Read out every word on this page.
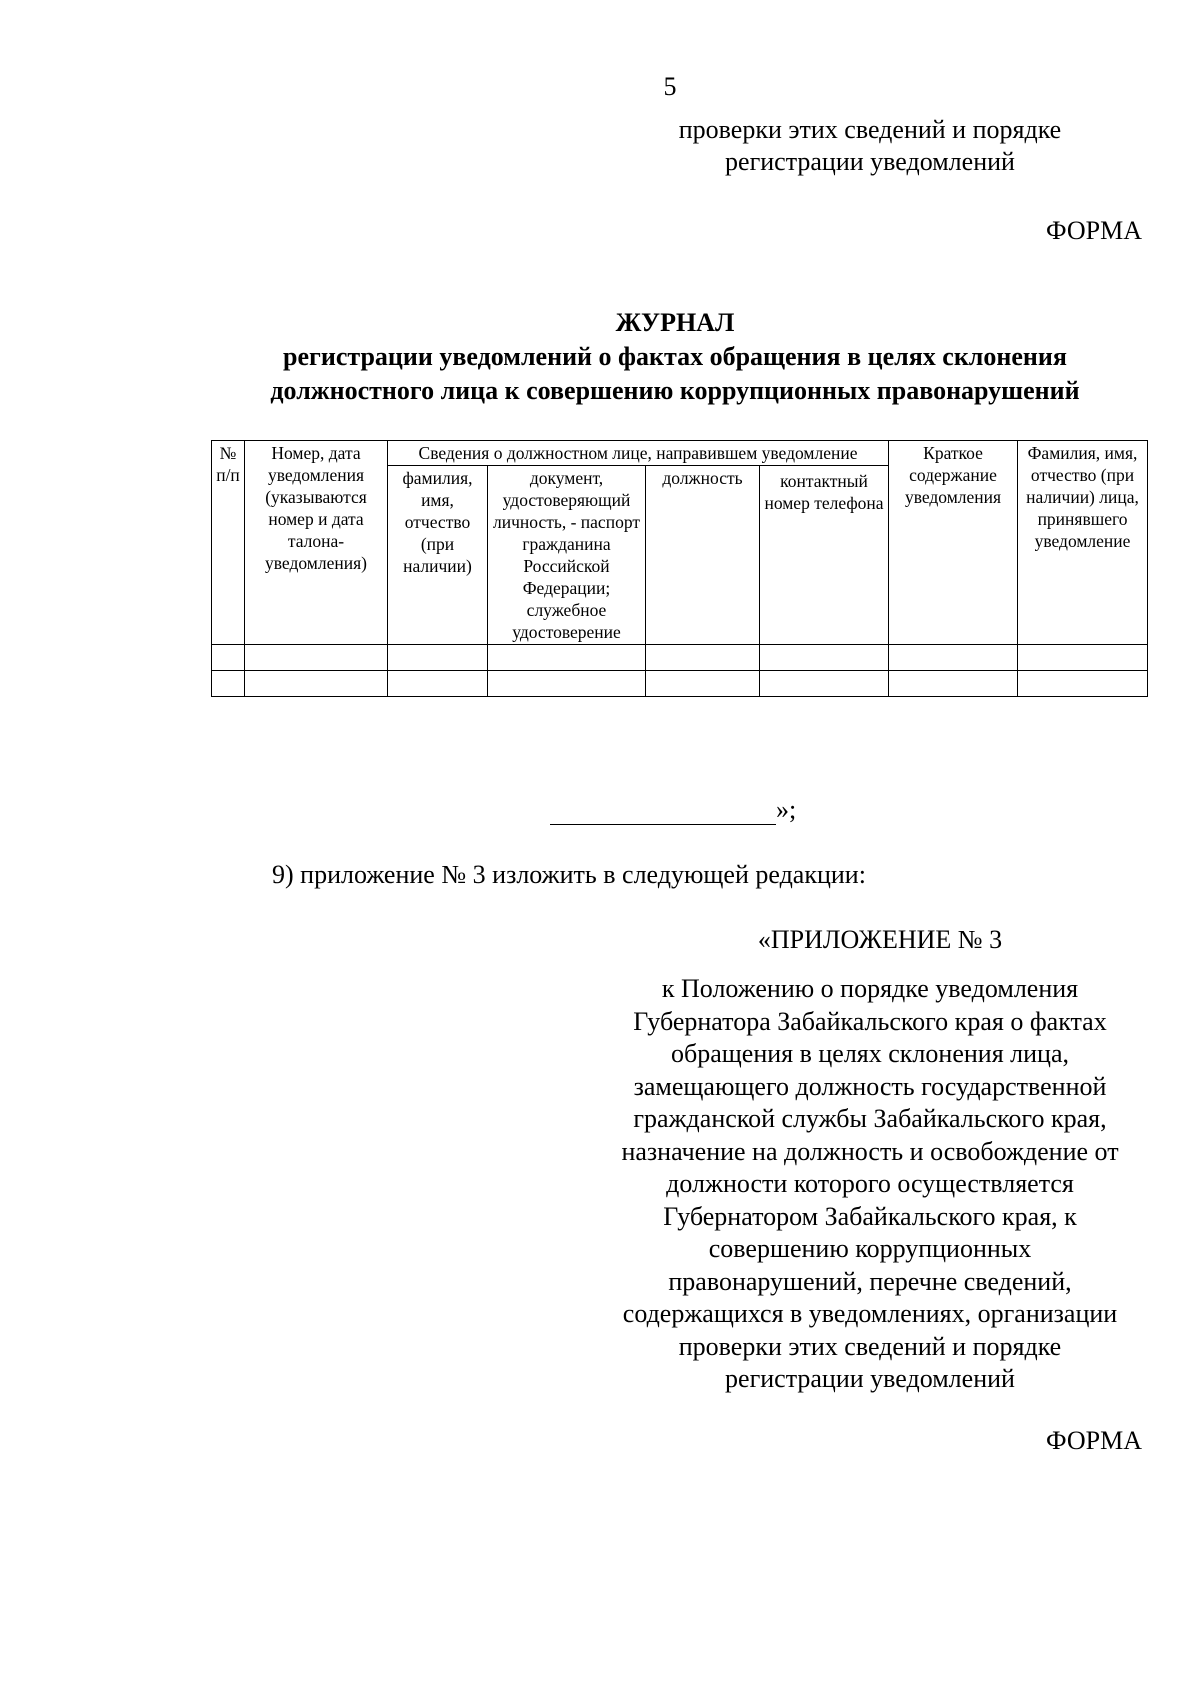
5
проверки этих сведений и порядке
регистрации уведомлений
ФОРМА
ЖУРНАЛ
регистрации уведомлений о фактах обращения в целях склонения
должностного лица к совершению коррупционных правонарушений
№ п/п	Номер, дата уведомления (указываются номер и дата талона-уведомления)	Сведения о должностном лице, направившем уведомление				Краткое содержание уведомления	Фамилия, имя, отчество (при наличии) лица, принявшего уведомление
		фамилия, имя, отчество (при наличии)	документ, удостоверяющий личность, - паспорт гражданина Российской Федерации; служебное удостоверение	должность	контактный номер телефона		

»;
9) приложение № 3 изложить в следующей редакции:
«ПРИЛОЖЕНИЕ № 3
к Положению о порядке уведомления
Губернатора Забайкальского края о фактах
обращения в целях склонения лица,
замещающего должность государственной
гражданской службы Забайкальского края,
назначение на должность и освобождение от
должности которого осуществляется
Губернатором Забайкальского края, к
совершению коррупционных
правонарушений, перечне сведений,
содержащихся в уведомлениях, организации
проверки этих сведений и порядке
регистрации уведомлений
ФОРМА
